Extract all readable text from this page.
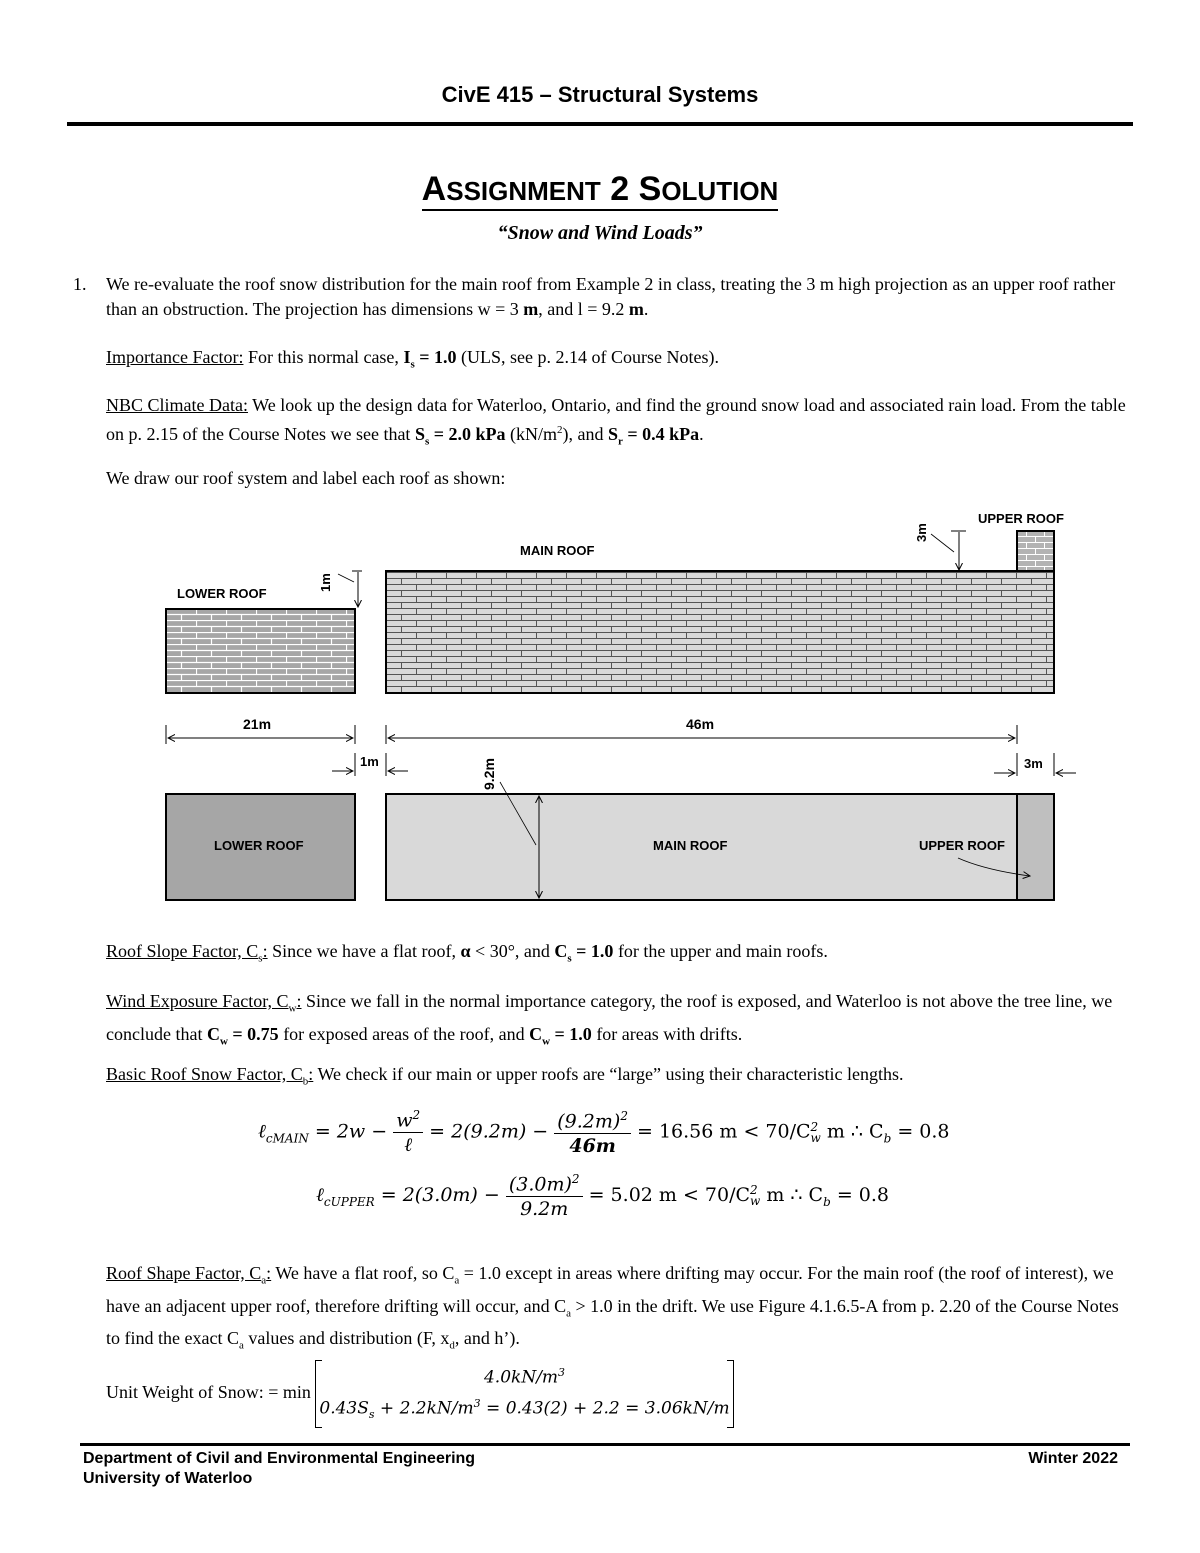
CivE 415 – Structural Systems
ASSIGNMENT 2 SOLUTION
“Snow and Wind Loads”
1. We re-evaluate the roof snow distribution for the main roof from Example 2 in class, treating the 3 m high projection as an upper roof rather than an obstruction. The projection has dimensions w = 3 m, and l = 9.2 m.
Importance Factor: For this normal case, $I_s = 1.0$ (ULS, see p. 2.14 of Course Notes).
NBC Climate Data: We look up the design data for Waterloo, Ontario, and find the ground snow load and associated rain load. From the table on p. 2.15 of the Course Notes we see that $S_s = 2.0$ kPa $(kN/m^2)$, and $S_r = 0.4$ kPa.
We draw our roof system and label each roof as shown:
UPPER ROOF
MAIN ROOF
LOWER ROOF
3m
1m
21m	46m
1m	3m
LOWER ROOF	MAIN ROOF	UPPER ROOF
9.2m
Roof Slope Factor, $C_s$: Since we have a flat roof, α < 30°, and $C_s = 1.0$ for the upper and main roofs.
Wind Exposure Factor, $C_w$: Since we fall in the normal importance category, the roof is exposed, and Waterloo is not above the tree line, we conclude that $C_w = 0.75$ for exposed areas of the roof, and $C_w = 1.0$ for areas with drifts.
Basic Roof Snow Factor, $C_b$: We check if our main or upper roofs are “large” using their characteristic lengths.
ℓ$_{cMAIN}$ = $2w - \frac{w^2}{\text{ℓ}} = 2(9.2m) - \frac{(9.2m)^2}{46m} = 16.56$ m < 70/C 2
w m ∴ $C_b = 0.8$
ℓ$_{cUPPER}$ = $2(3.0m) - \frac{(3.0m)^2}{9.2m} = 5.02$ m < 70/C 2
w m ∴ $C_b = 0.8$
Roof Shape Factor, $C_a$: We have a flat roof, so $C_a = 1.0$ except in areas where drifting may occur. For the main roof (the roof of interest), we have an adjacent upper roof, therefore drifting will occur, and $C_a > 1.0$ in the drift. We use Figure 4.1.6.5-A from p. 2.20 of the Course Notes to find the exact $C_a$ values and distribution (F, $x_d$, and h’).
Unit Weight of Snow: = min
$4.0kN/m^3$
$0.43S_s + 2.2kN/m^3 = 0.43(2) + 2.2 = 3.06kN/m$
Department of Civil and Environmental Engineering
University of Waterloo
Winter 2022
